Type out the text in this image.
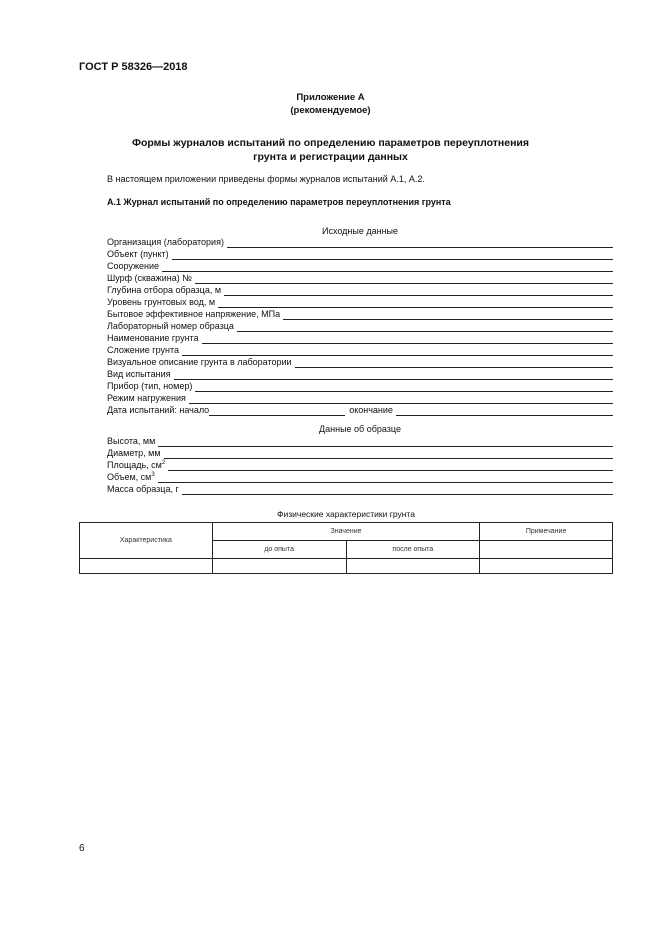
ГОСТ Р 58326—2018
Приложение А
(рекомендуемое)
Формы журналов испытаний по определению параметров переуплотнения
грунта и регистрации данных
В настоящем приложении приведены формы журналов испытаний А.1, А.2.
А.1 Журнал испытаний по определению параметров переуплотнения грунта
Исходные данные
Организация (лаборатория)
Объект (пункт)
Сооружение
Шурф (скважина) №
Глубина отбора образца, м
Уровень грунтовых вод, м
Бытовое эффективное напряжение, МПа
Лабораторный номер образца
Наименование грунта
Сложение грунта
Визуальное описание грунта в лаборатории
Вид испытания
Прибор (тип, номер)
Режим нагружения
Дата испытаний: начало	окончание
Данные об образце
Высота, мм
Диаметр, мм
Площадь, $см^2$
Объем, $см^3$
Масса образца, г
Физические характеристики грунта
Характеристика	Значение		Примечание
	до опыта	после опыта	

6
